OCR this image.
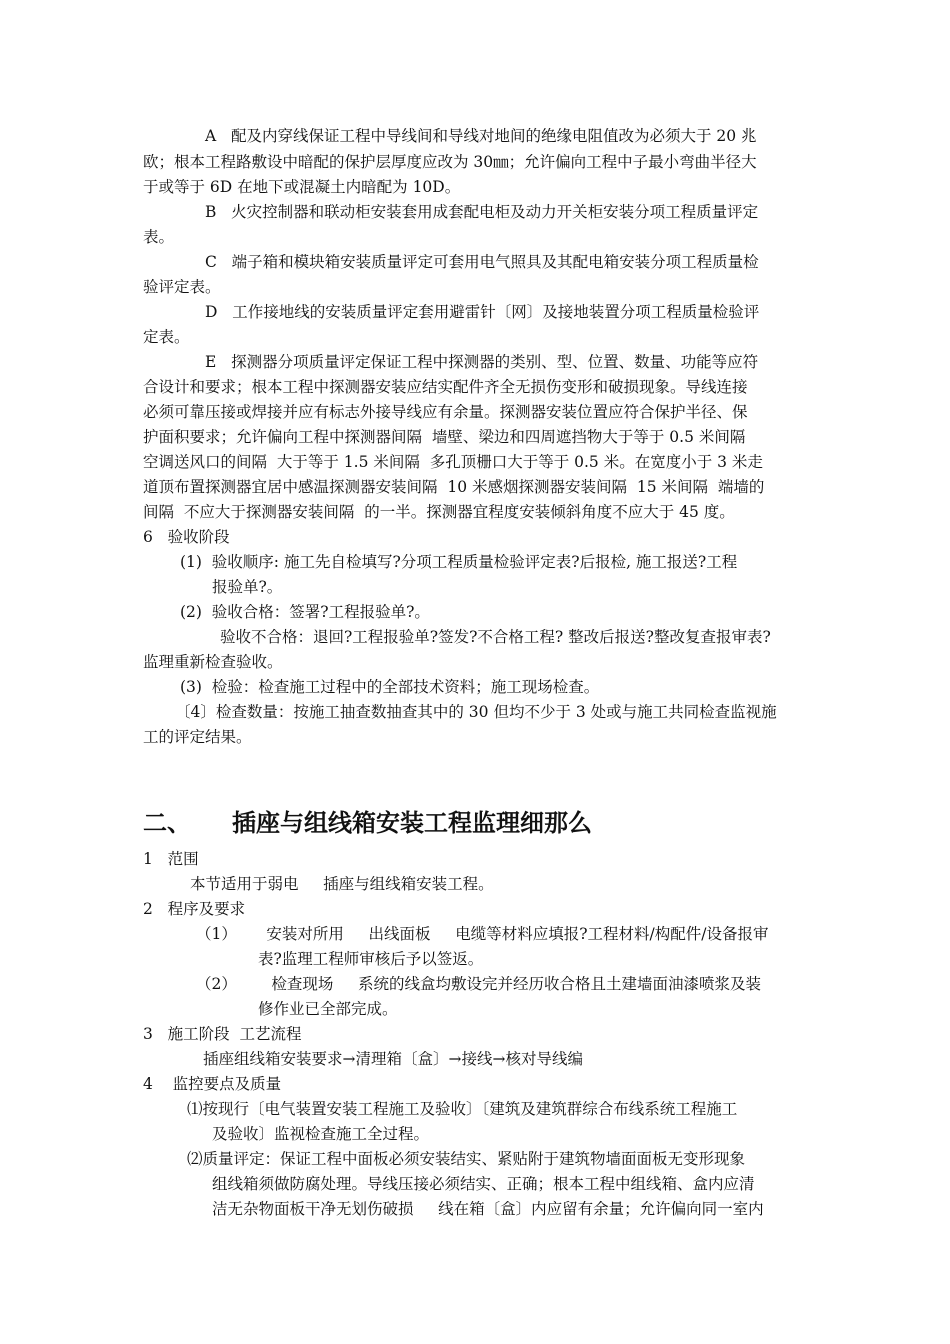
A   配及内穿线保证工程中导线间和导线对地间的绝缘电阻值改为必须大于 20 兆
欧；根本工程路敷设中暗配的保护层厚度应改为 30㎜；允许偏向工程中子最小弯曲半径大
于或等于 6D 在地下或混凝土内暗配为 10D。
B   火灾控制器和联动柜安装套用成套配电柜及动力开关柜安装分项工程质量评定
表。
C   端子箱和模块箱安装质量评定可套用电气照具及其配电箱安装分项工程质量检
验评定表。
D   工作接地线的安装质量评定套用避雷针〔网〕及接地装置分项工程质量检验评
定表。
E   探测器分项质量评定保证工程中探测器的类别、型、位置、数量、功能等应符
合设计和要求；根本工程中探测器安装应结实配件齐全无损伤变形和破损现象。导线连接
必须可靠压接或焊接并应有标志外接导线应有余量。探测器安装位置应符合保护半径、保
护面积要求；允许偏向工程中探测器间隔  墙壁、梁边和四周遮挡物大于等于 0.5 米间隔
空调送风口的间隔  大于等于 1.5 米间隔  多孔顶栅口大于等于 0.5 米。在宽度小于 3 米走
道顶布置探测器宜居中感温探测器安装间隔  10 米感烟探测器安装间隔  15 米间隔  端墙的
间隔  不应大于探测器安装间隔  的一半。探测器宜程度安装倾斜角度不应大于 45 度。
6   验收阶段
(1)  验收顺序: 施工先自检填写?分项工程质量检验评定表?后报检, 施工报送?工程
报验单?。
(2)  验收合格：签署?工程报验单?。
验收不合格：退回?工程报验单?签发?不合格工程? 整改后报送?整改复查报审表?
监理重新检查验收。
(3)  检验：检查施工过程中的全部技术资料；施工现场检查。
〔4〕检查数量：按施工抽查数抽查其中的 30 但均不少于 3 处或与施工共同检查监视施
工的评定结果。
二、 插座与组线箱安装工程监理细那么
1   范围
本节适用于弱电     插座与组线箱安装工程。
2   程序及要求
（1）      安装对所用     出线面板     电缆等材料应填报?工程材料/构配件/设备报审
表?监理工程师审核后予以签返。
（2）       检查现场     系统的线盒均敷设完并经历收合格且土建墙面油漆喷浆及装
修作业已全部完成。
3   施工阶段  工艺流程
插座组线箱安装要求→清理箱〔盒〕→接线→核对导线编
4    监控要点及质量
⑴按现行〔电气装置安装工程施工及验收〕〔建筑及建筑群综合布线系统工程施工
及验收〕监视检查施工全过程。
⑵质量评定：保证工程中面板必须安装结实、紧贴附于建筑物墙面面板无变形现象
组线箱须做防腐处理。导线压接必须结实、正确；根本工程中组线箱、盒内应清
洁无杂物面板干净无划伤破损     线在箱〔盒〕内应留有余量；允许偏向同一室内
